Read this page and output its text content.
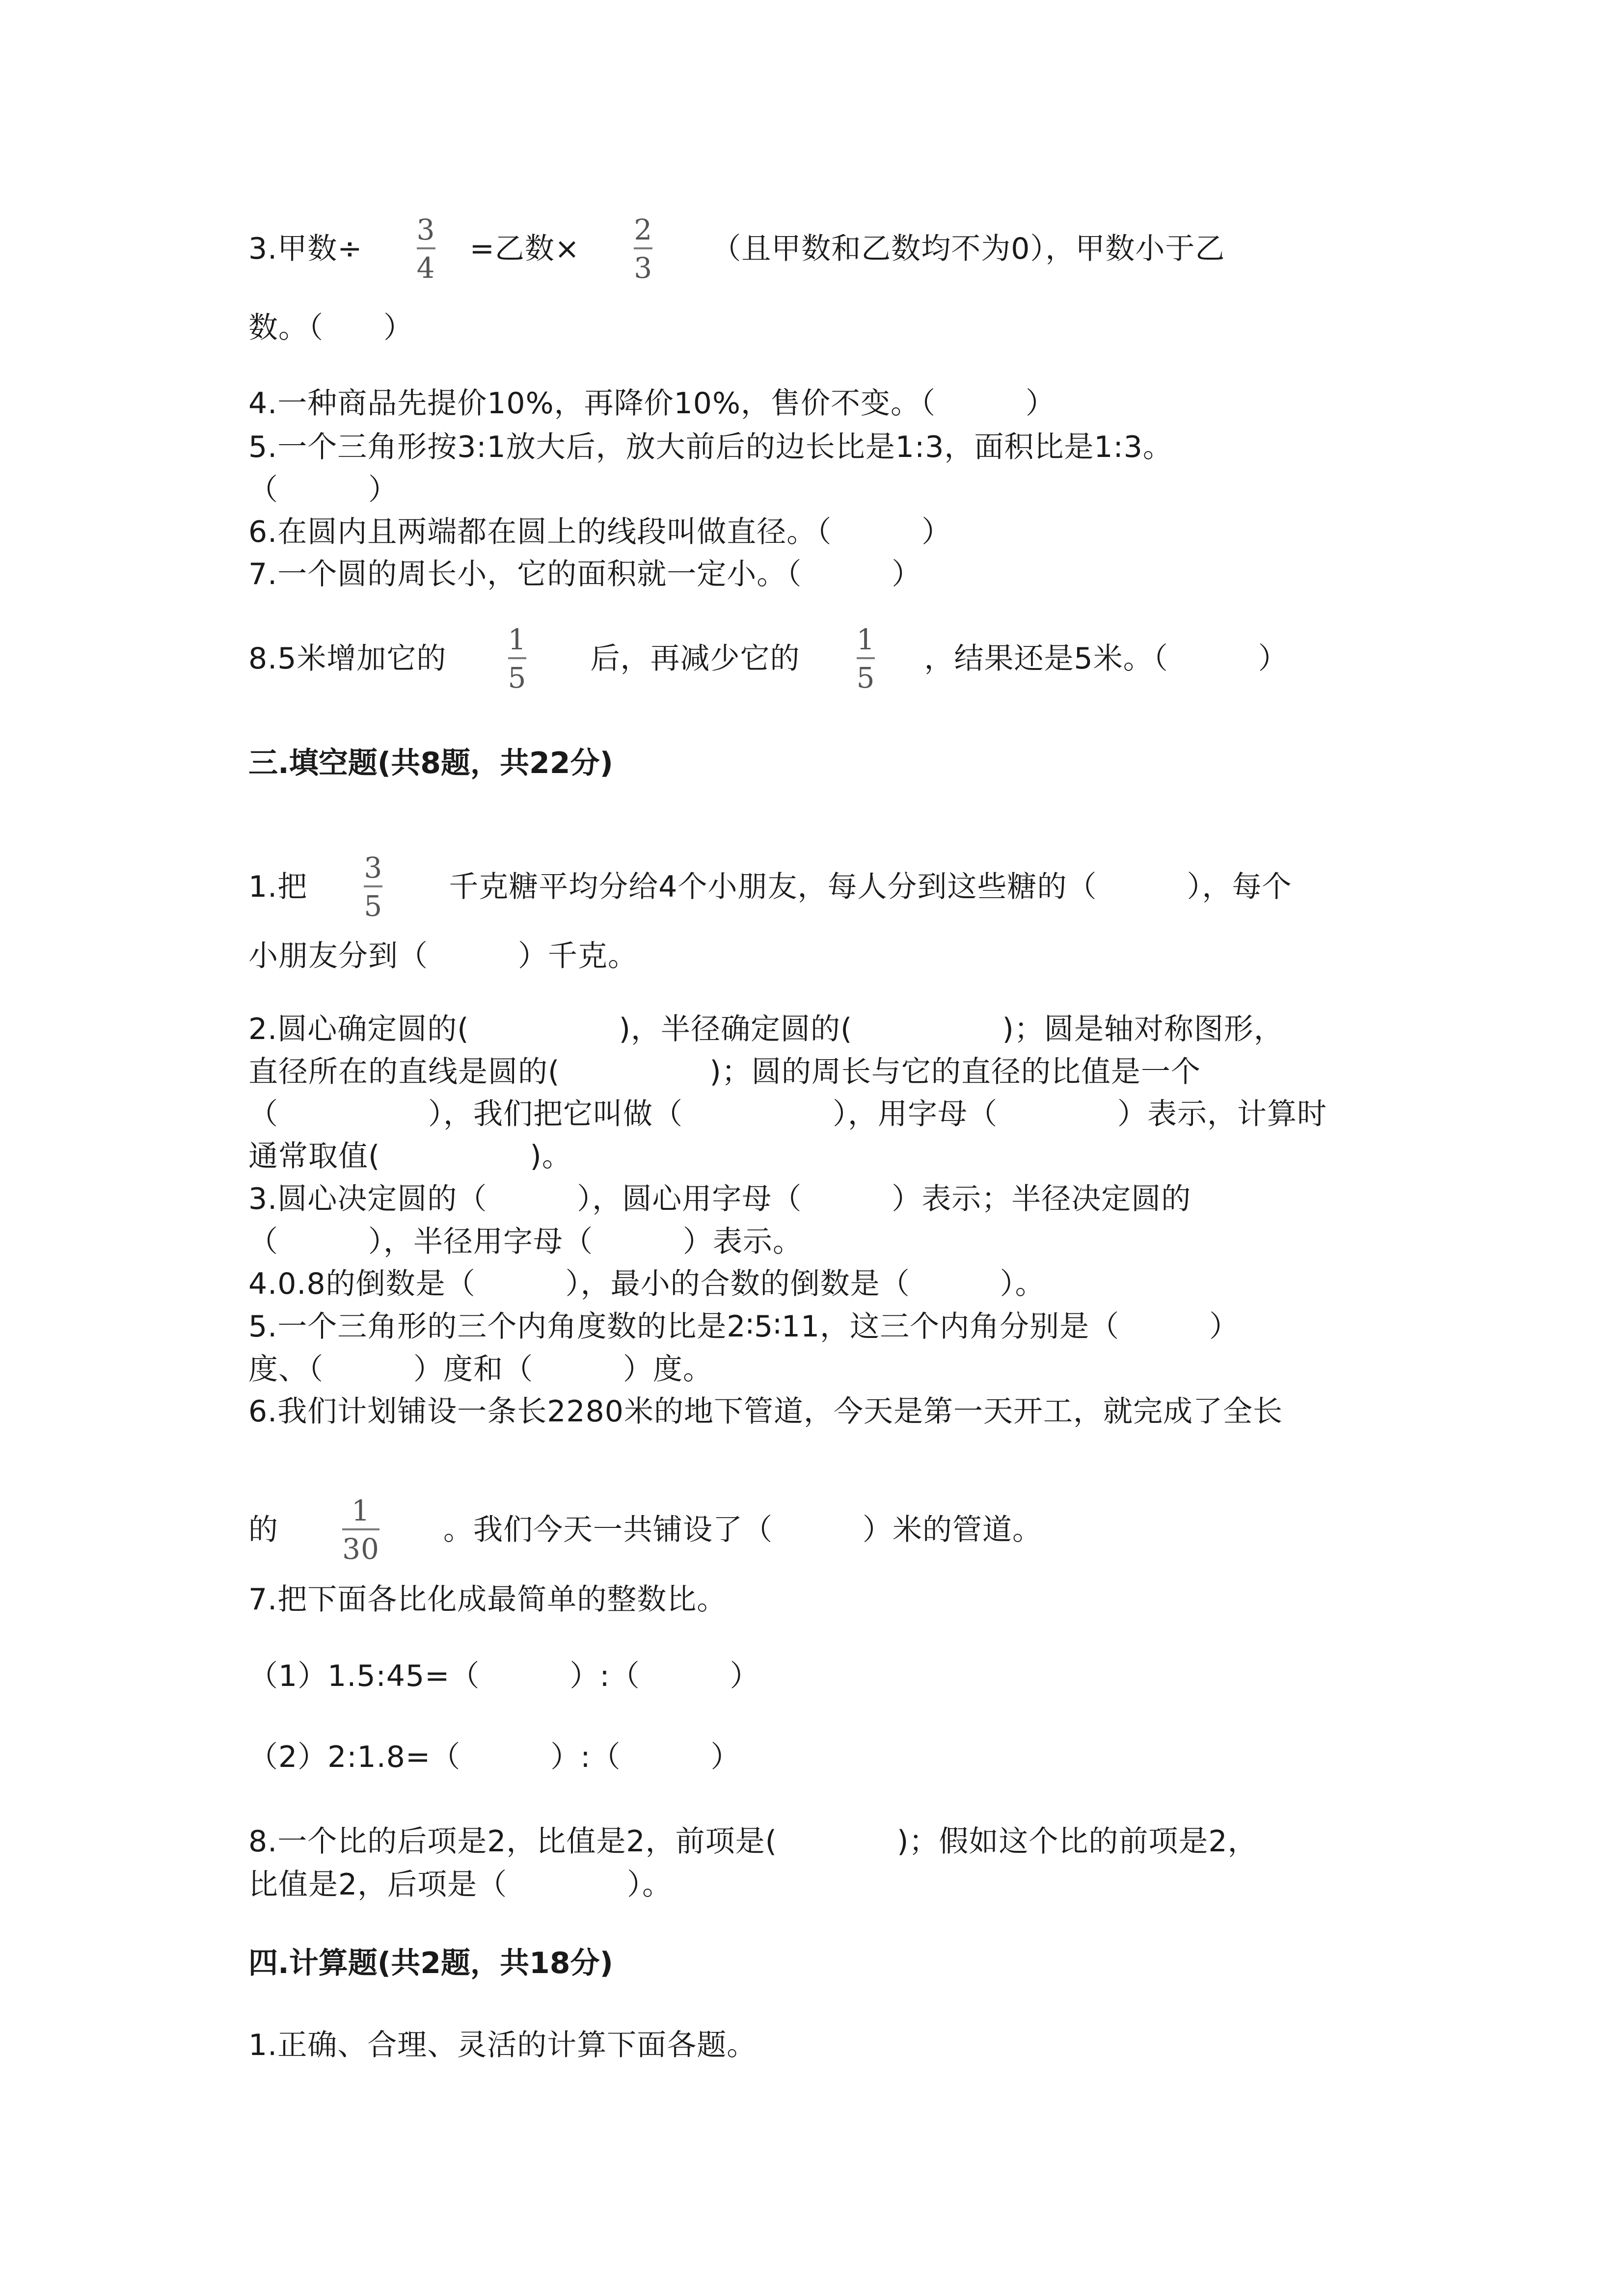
3.甲数÷ $\frac{3}{4}$ =乙数× $\frac{2}{3}$ （且甲数和乙数均不为0），甲数小于乙
数。（　　）
4.一种商品先提价10%，再降价10%，售价不变。（　　　）
5.一个三角形按3:1放大后，放大前后的边长比是1:3，面积比是1:3。
（　　　）
6.在圆内且两端都在圆上的线段叫做直径。（　　　）
7.一个圆的周长小，它的面积就一定小。（　　　）
8.5米增加它的 $\frac{1}{5}$ 后，再减少它的 $\frac{1}{5}$ ，结果还是5米。（　　　）
三.填空题(共8题，共22分)
1.把 $\frac{3}{5}$ 千克糖平均分给4个小朋友，每人分到这些糖的（　　　），每个
小朋友分到（　　　）千克。
2.圆心确定圆的(　　　　　)，半径确定圆的(　　　　　)；圆是轴对称图形，
直径所在的直线是圆的(　　　　　)；圆的周长与它的直径的比值是一个
（　　　　　），我们把它叫做（　　　　　），用字母（　　　　）表示，计算时
通常取值(　　　　　)。
3.圆心决定圆的（　　　），圆心用字母（　　　）表示；半径决定圆的
（　　　），半径用字母（　　　）表示。
4.0.8的倒数是（　　　），最小的合数的倒数是（　　　）。
5.一个三角形的三个内角度数的比是2∶5∶11，这三个内角分别是（　　　）
度、（　　　）度和（　　　）度。
6.我们计划铺设一条长2280米的地下管道，今天是第一天开工，就完成了全长
的 $\frac{1}{30}$ 。我们今天一共铺设了（　　　）米的管道。
7.把下面各比化成最简单的整数比。
（1）1.5:45=（　　　）:（　　　）
（2）2:1.8=（　　　）:（　　　）
8.一个比的后项是2，比值是2，前项是(　　　　)；假如这个比的前项是2，
比值是2，后项是（　　　　）。
四.计算题(共2题，共18分)
1.正确、合理、灵活的计算下面各题。
